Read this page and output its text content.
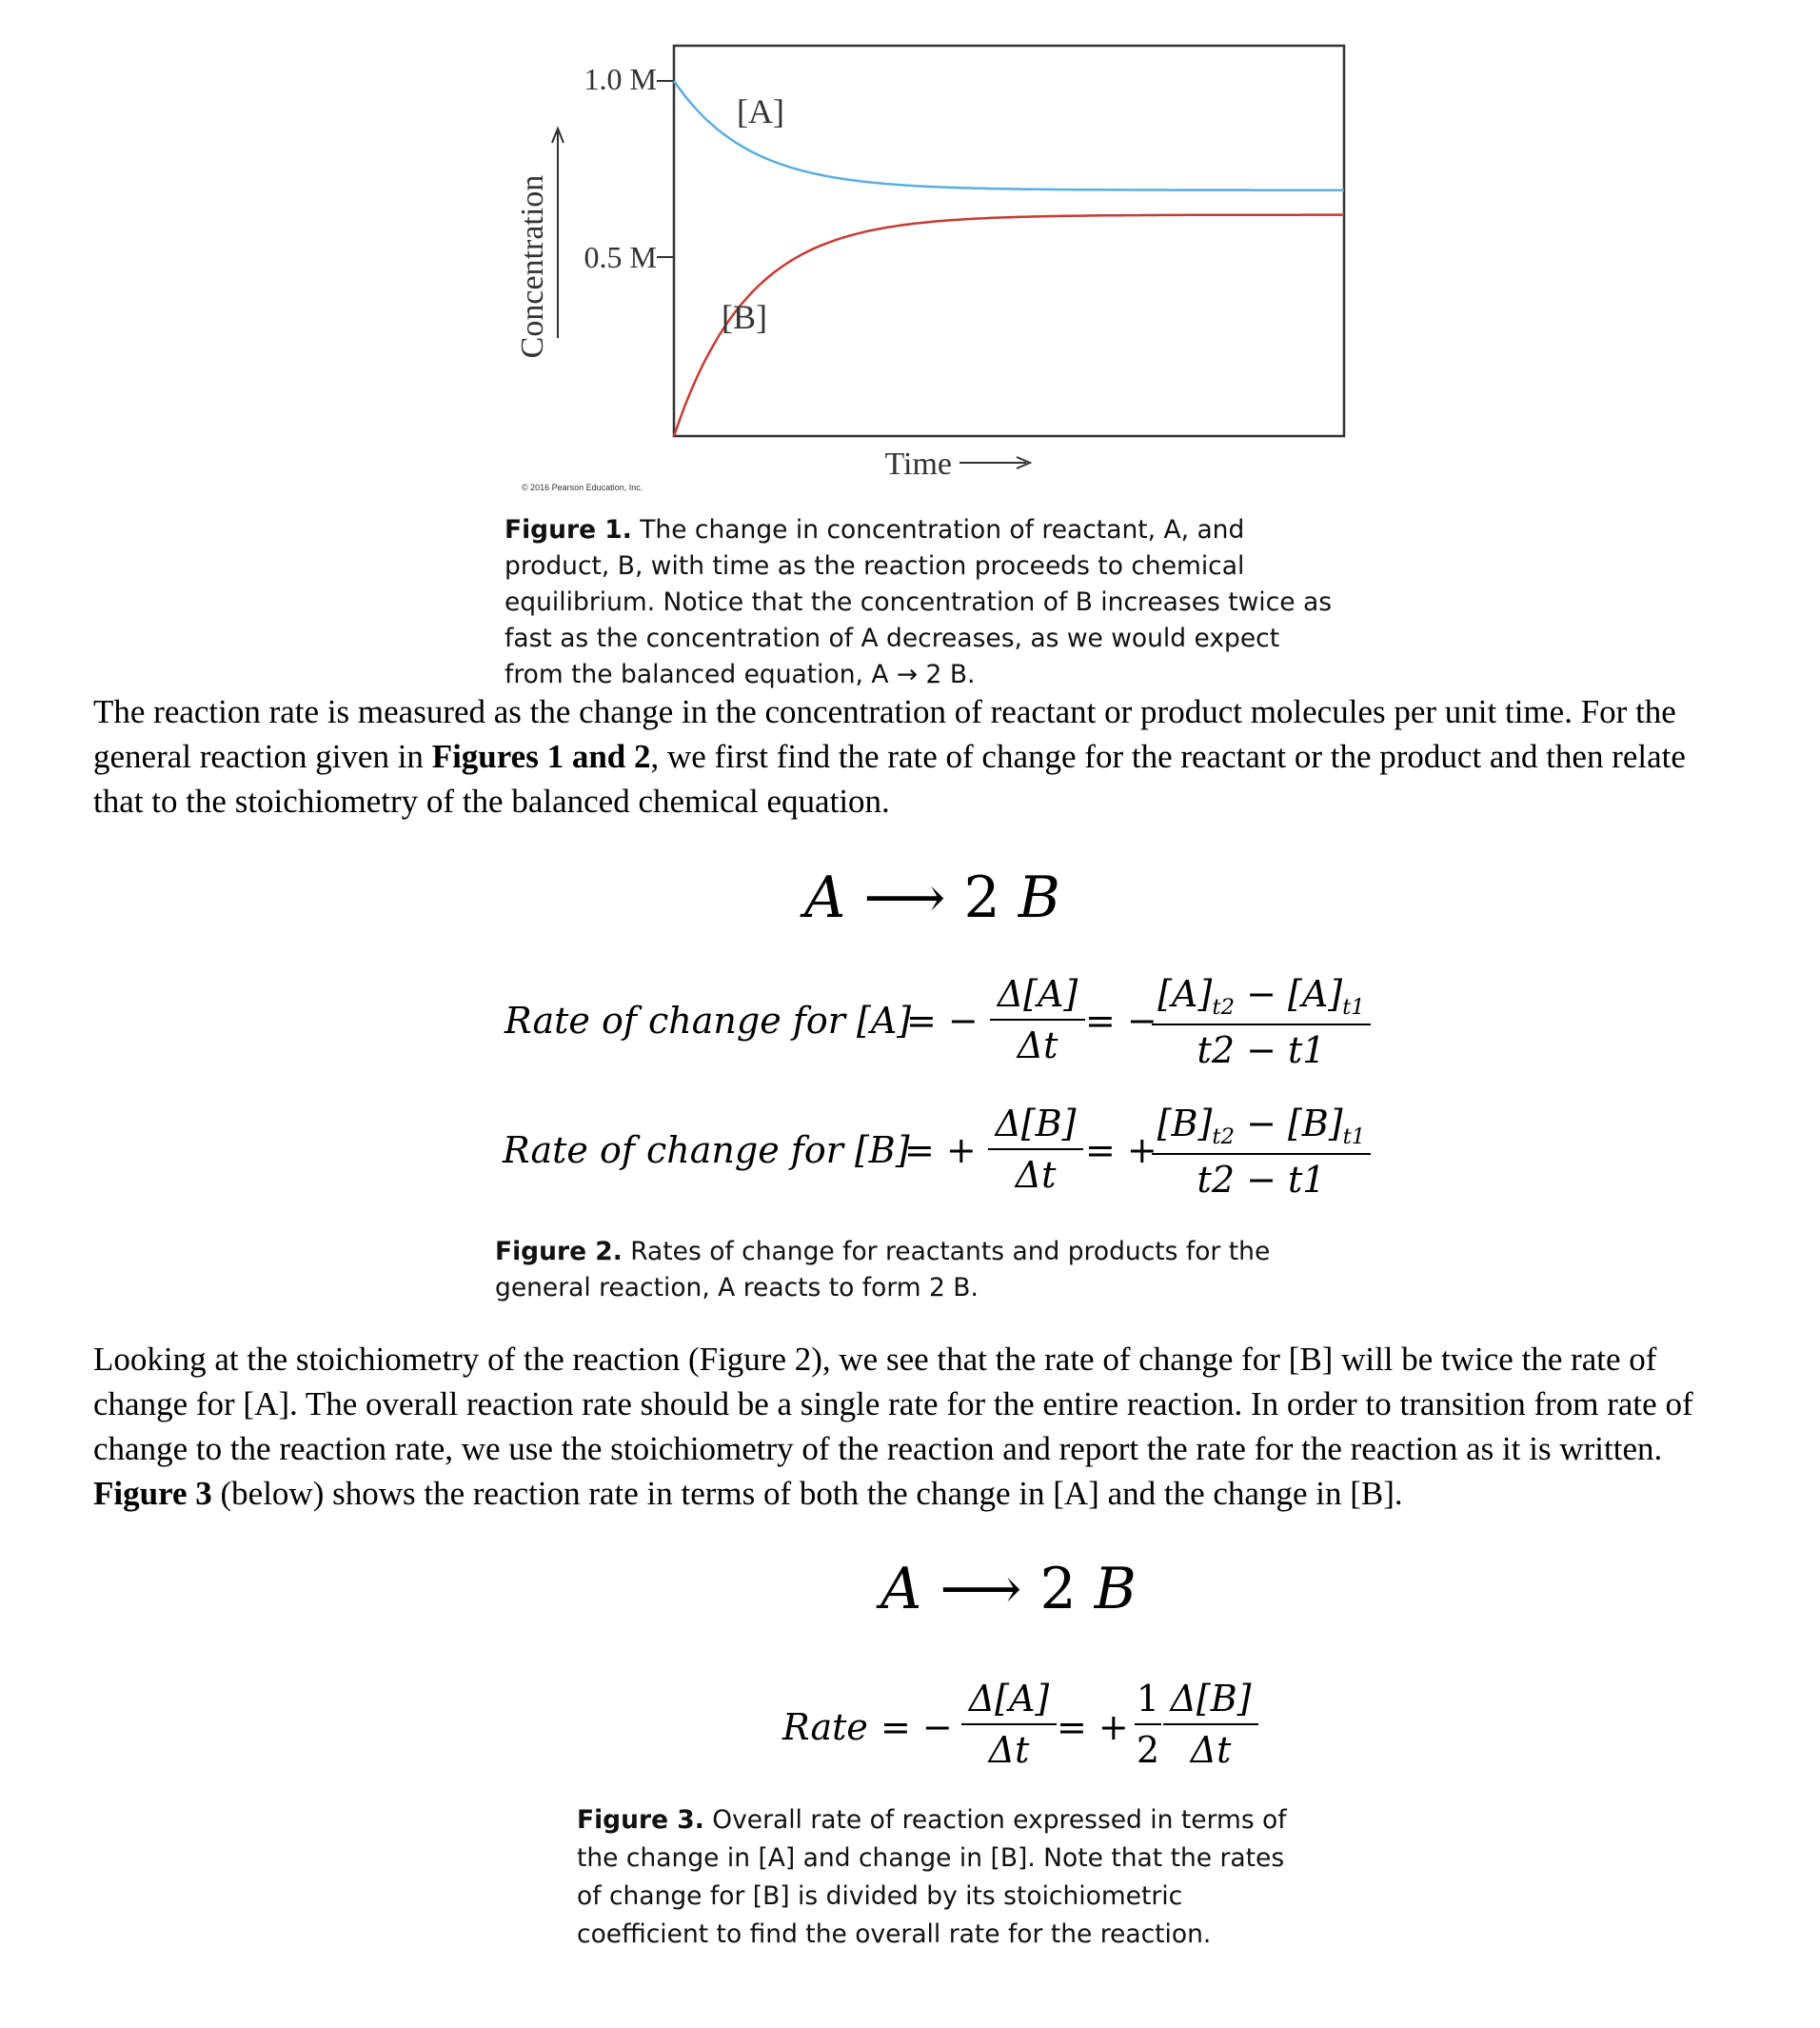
Concentration
1.0 M
0.5 M
[A]
[B]
Time
© 2016 Pearson Education, Inc.
Figure 1. The change in concentration of reactant, A, and product, B, with time as the reaction proceeds to chemical equilibrium. Notice that the concentration of B increases twice as fast as the concentration of A decreases, as we would expect from the balanced equation, A → 2 B.
The reaction rate is measured as the change in the concentration of reactant or product molecules per unit time. For the general reaction given in Figures 1 and 2, we first find the rate of change for the reactant or the product and then relate that to the stoichiometry of the balanced chemical equation.
A ⟶ 2 B
Rate of change for [A]
= −
Δ[A]
Δt
= −
$[A]_{t2} - [A]_{t1}$
t2 − t1
Rate of change for [B]
= +
Δ[B]
Δt
= +
$[B]_{t2} - [B]_{t1}$
t2 − t1
Figure 2. Rates of change for reactants and products for the general reaction, A reacts to form 2 B.
Looking at the stoichiometry of the reaction (Figure 2), we see that the rate of change for [B] will be twice the rate of change for [A]. The overall reaction rate should be a single rate for the entire reaction. In order to transition from rate of change to the reaction rate, we use the stoichiometry of the reaction and report the rate for the reaction as it is written. Figure 3 (below) shows the reaction rate in terms of both the change in [A] and the change in [B].
A ⟶ 2 B
Rate = −
Δ[A]
Δt
= +
1
2
Δ[B]
Δt
Figure 3. Overall rate of reaction expressed in terms of the change in [A] and change in [B]. Note that the rates of change for [B] is divided by its stoichiometric coefficient to find the overall rate for the reaction.
